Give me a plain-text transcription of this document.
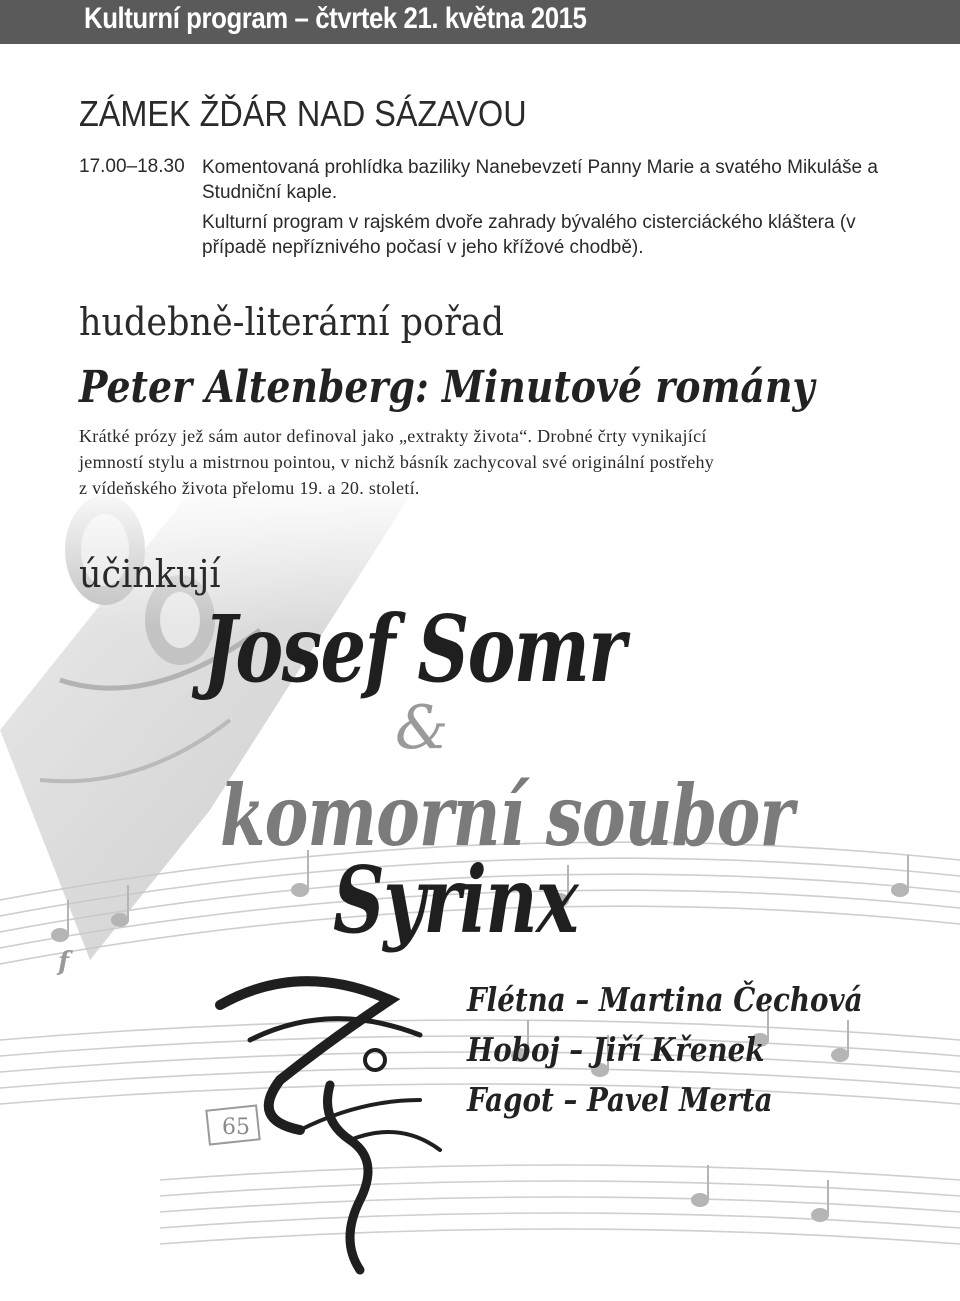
Kulturní program – čtvrtek 21. května 2015
ZÁMEK ŽĎÁR NAD SÁZAVOU
17.00–18.30 Komentovaná prohlídka baziliky Nanebevzetí Panny Marie a svatého Mikuláše a Studniční kaple.

Kulturní program v rajském dvoře zahrady bývalého cisterciáckého kláštera (v případě nepříznivého počasí v jeho křížové chodbě).

hudebně-literární pořad
Peter Altenberg: Minutové romány
Krátké prózy jež sám autor definoval jako „extrakty života“. Drobné črty vynikající
jemností stylu a mistrnou pointou, v nichž básník zachycoval své originální postřehy
z vídeňského života přelomu 19. a 20. století.
účinkují
Josef Somr
&
komorní soubor
Syrinx
Flétna – Martina Čechová
Hoboj – Jiří Křenek
Fagot – Pavel Merta
